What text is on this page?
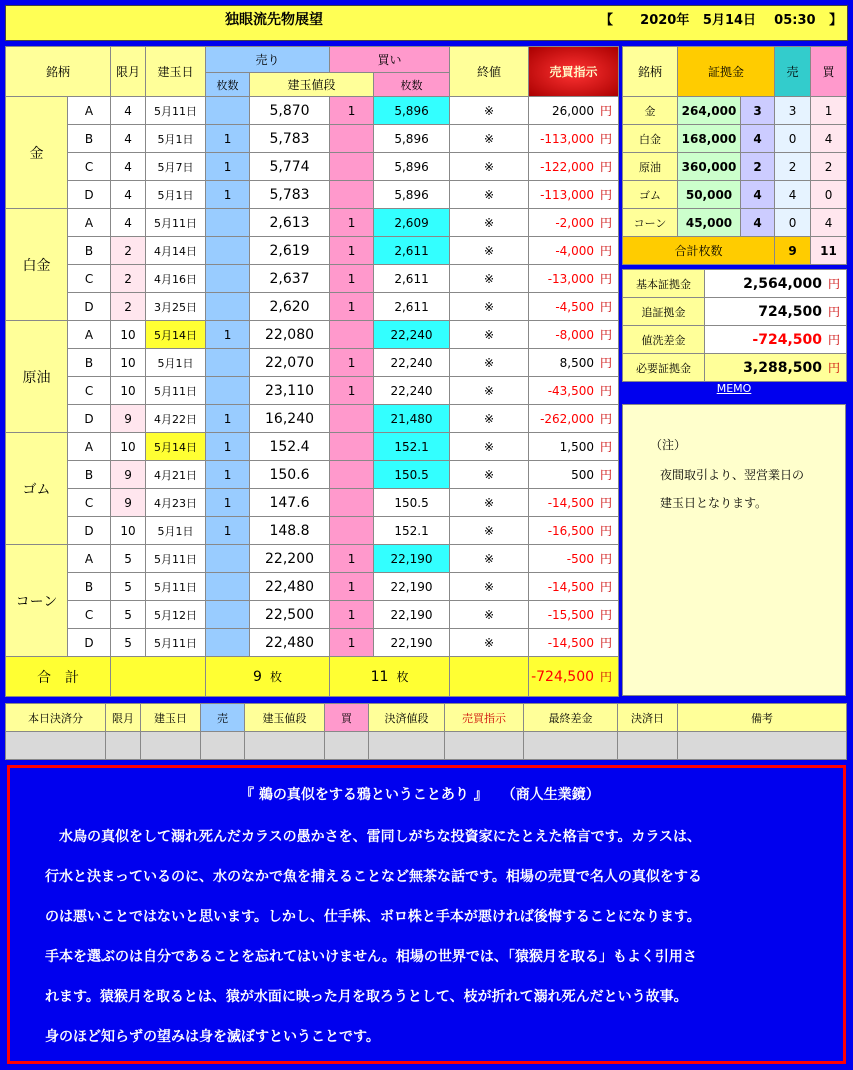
独眼流先物展望	【      2020年   5月14日    05:30   】
銘柄		限月	建玉日	売り		買い		終値	売買指示	
				枚数	建玉値段		枚数			
金	A	4	5月11日		5,870	1	5,896	※	26,000 円	
	B	4	5月1日	1	5,783		5,896	※	-113,000 円	
	C	4	5月7日	1	5,774		5,896	※	-122,000 円	
	D	4	5月1日	1	5,783		5,896	※	-113,000 円	
白金	A	4	5月11日		2,613	1	2,609	※	-2,000 円	
	B	2	4月14日		2,619	1	2,611	※	-4,000 円	
	C	2	4月16日		2,637	1	2,611	※	-13,000 円	
	D	2	3月25日		2,620	1	2,611	※	-4,500 円	
原油	A	10	5月14日	1	22,080		22,240	※	-8,000 円	
	B	10	5月1日		22,070	1	22,240	※	8,500 円	
	C	10	5月11日		23,110	1	22,240	※	-43,500 円	
	D	9	4月22日	1	16,240		21,480	※	-262,000 円	
ゴム	A	10	5月14日	1	152.4		152.1	※	1,500 円	
	B	9	4月21日	1	150.6		150.5	※	500 円	
	C	9	4月23日	1	147.6		150.5	※	-14,500 円	
	D	10	5月1日	1	148.8		152.1	※	-16,500 円	
コーン	A	5	5月11日		22,200	1	22,190	※	-500 円	
	B	5	5月11日		22,480	1	22,190	※	-14,500 円	
	C	5	5月12日		22,500	1	22,190	※	-15,500 円	
	D	5	5月11日		22,480	1	22,190	※	-14,500 円	
合　計				9 枚		11 枚			-724,500 円	
銘柄	証拠金		売	買
金	264,000	3	3	1
白金	168,000	4	0	4
原油	360,000	2	2	2
ゴム	50,000	4	4	0
コーン	45,000	4	0	4
合計枚数			9	11
基本証拠金	2,564,000 円
追証拠金	724,500 円
値洗差金	-724,500 円
必要証拠金	3,288,500 円
MEMO
（注）
夜間取引より、翌営業日の
建玉日となります。
本日決済分	限月	建玉日	売	建玉値段	買	決済値段	売買指示	最終差金	決済日	備考

『 鵜の真似をする鴉ということあり 』　　（商人生業鏡）
　水鳥の真似をして溺れ死んだカラスの愚かさを、雷同しがちな投資家にたとえた格言です。カラスは、
行水と決まっているのに、水のなかで魚を捕えることなど無茶な話です。相場の売買で名人の真似をする
のは悪いことではないと思います。しかし、仕手株、ボロ株と手本が悪ければ後悔することになります。
手本を選ぶのは自分であることを忘れてはいけません。相場の世界では、「猿猴月を取る」もよく引用さ
れます。猿猴月を取るとは、猿が水面に映った月を取ろうとして、枝が折れて溺れ死んだという故事。
身のほど知らずの望みは身を滅ぼすということです。
